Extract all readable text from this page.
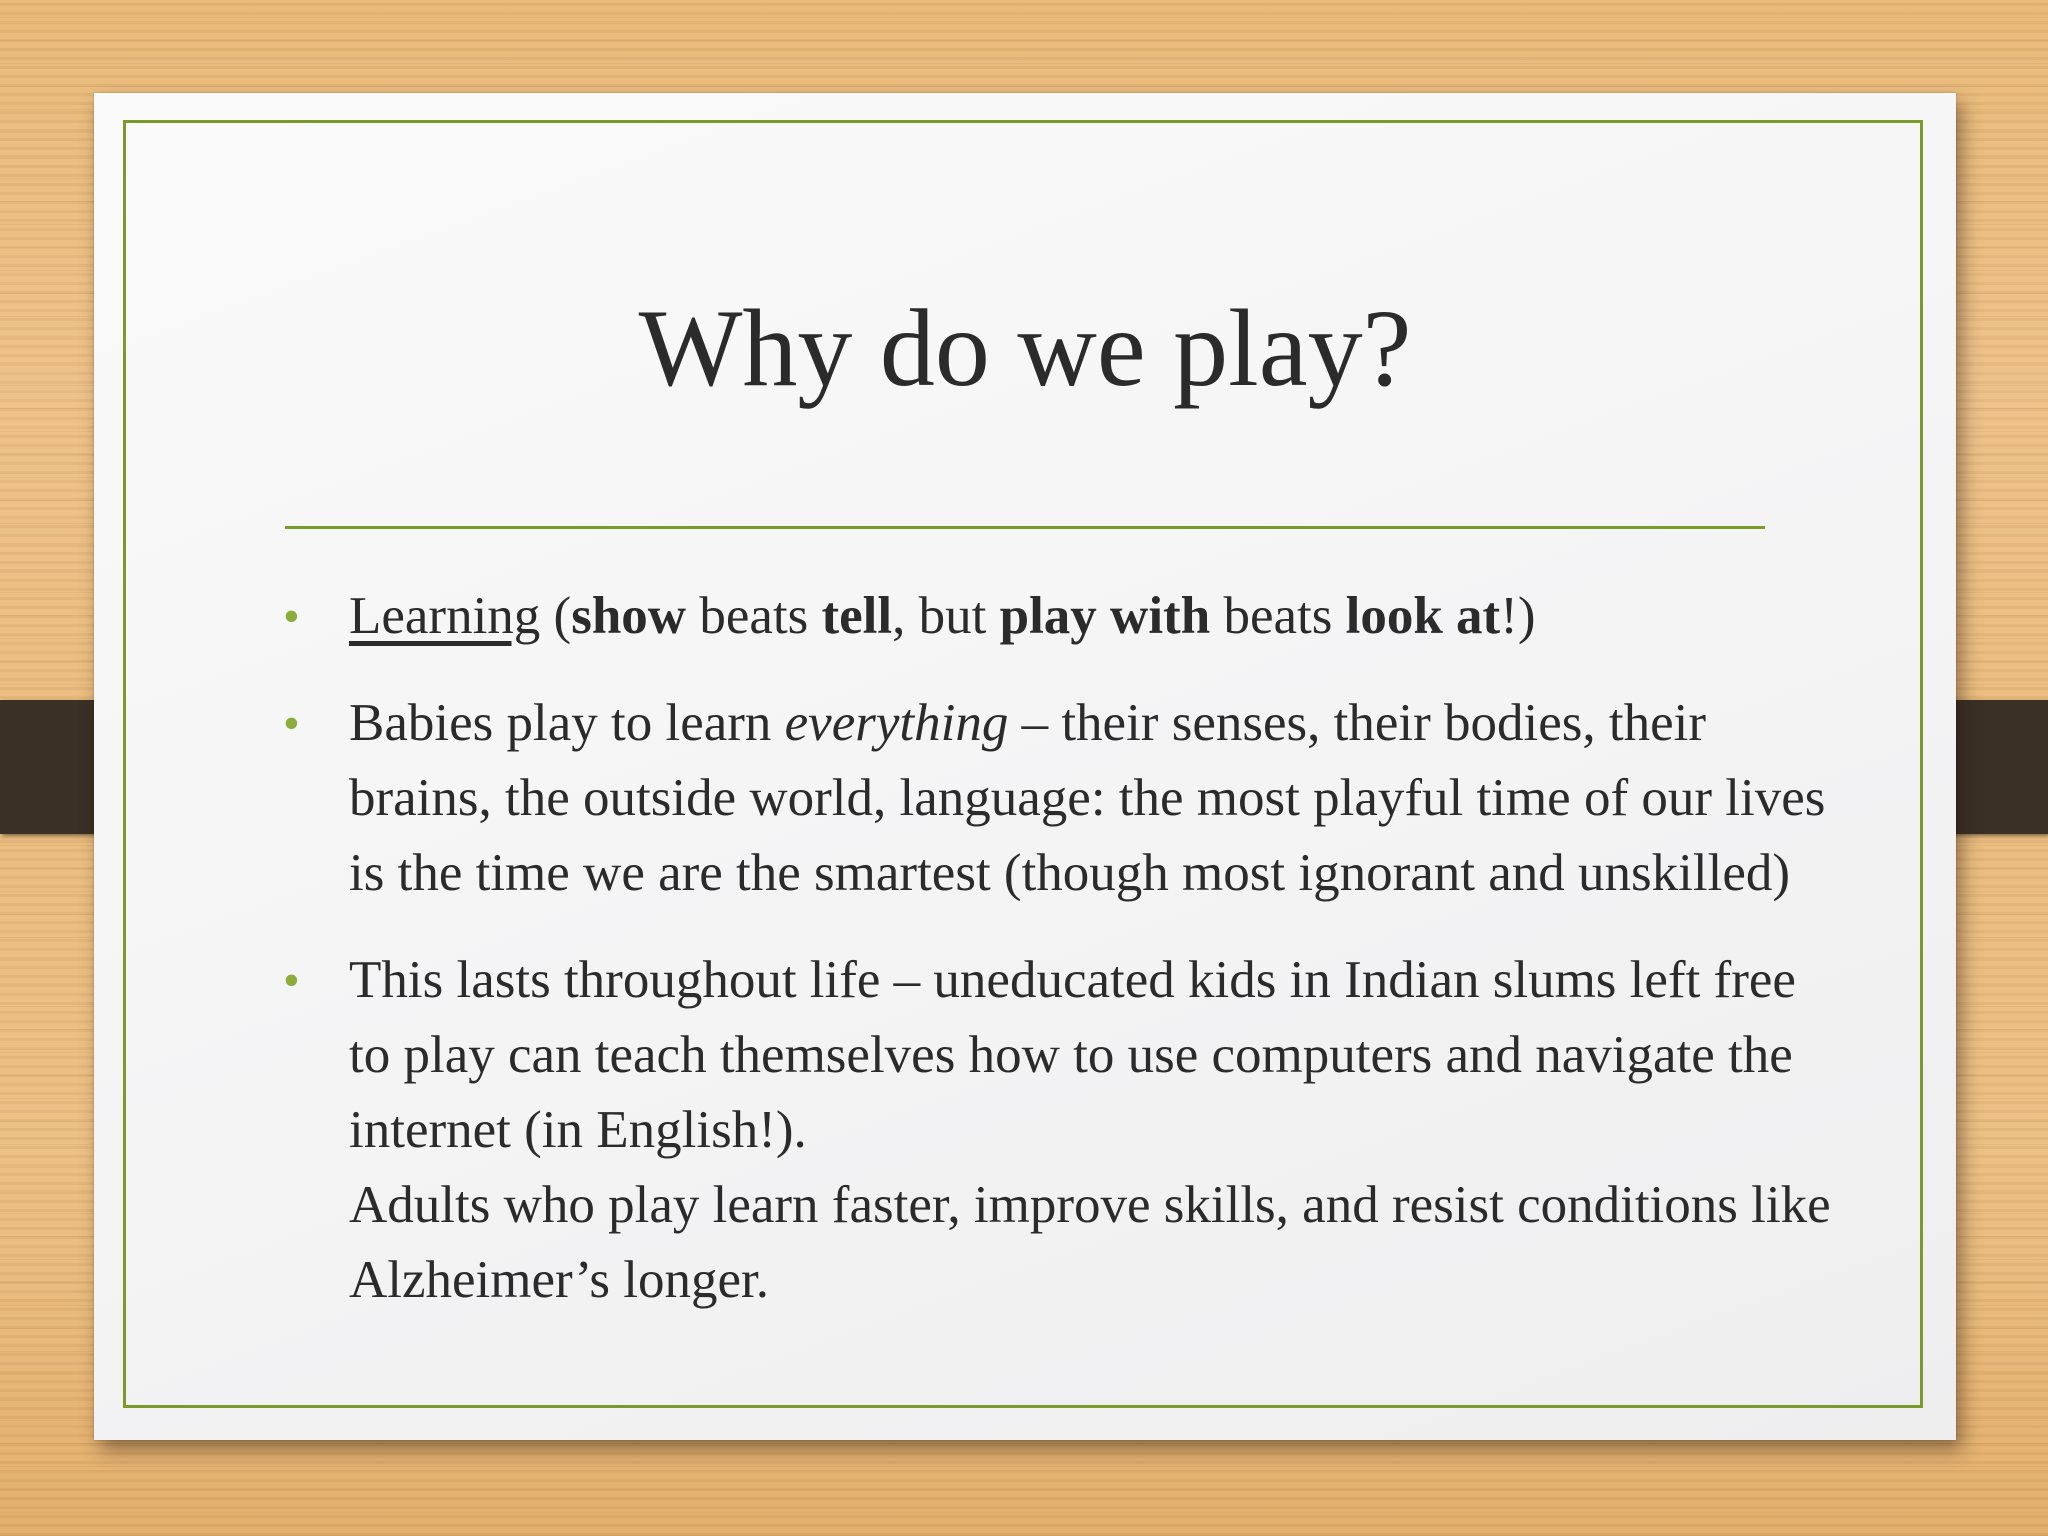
Why do we play?
• Learning (show beats tell, but play with beats look at!)
• Babies play to learn everything – their senses, their bodies, their brains, the outside world, language: the most playful time of our lives is the time we are the smartest (though most ignorant and unskilled)
• This lasts throughout life – uneducated kids in Indian slums left free to play can teach themselves how to use computers and navigate the internet (in English!).
Adults who play learn faster, improve skills, and resist conditions like Alzheimer’s longer.
